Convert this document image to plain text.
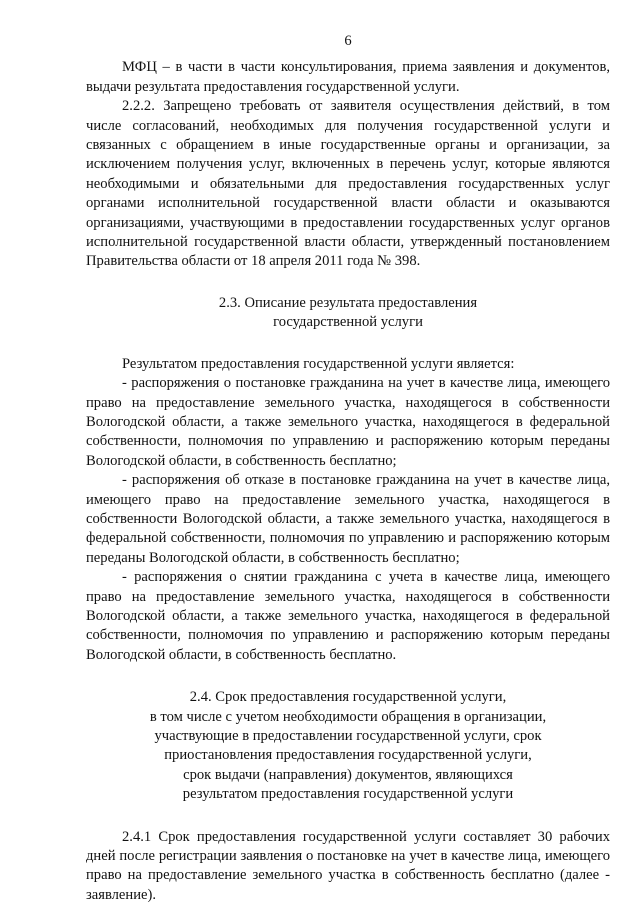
6

МФЦ – в части в части консультирования, приема заявления и документов, выдачи результата предоставления государственной услуги.

2.2.2. Запрещено требовать от заявителя осуществления действий, в том числе согласований, необходимых для получения государственной услуги и связанных с обращением в иные государственные органы и организации, за исключением получения услуг, включенных в перечень услуг, которые являются необходимыми и обязательными для предоставления государственных услуг органами исполнительной государственной власти области и оказываются организациями, участвующими в предоставлении государственных услуг органов исполнительной государственной власти области, утвержденный постановлением Правительства области от 18 апреля 2011 года № 398.

2.3. Описание результата предоставления
государственной услуги

Результатом предоставления государственной услуги является:

- распоряжения о постановке гражданина на учет в качестве лица, имеющего право на предоставление земельного участка, находящегося в собственности Вологодской области, а также земельного участка, находящегося в федеральной собственности, полномочия по управлению и распоряжению которым переданы Вологодской области, в собственность бесплатно;

- распоряжения об отказе в постановке гражданина на учет в качестве лица, имеющего право на предоставление земельного участка, находящегося в собственности Вологодской области, а также земельного участка, находящегося в федеральной собственности, полномочия по управлению и распоряжению которым переданы Вологодской области, в собственность бесплатно;

- распоряжения о снятии гражданина с учета в качестве лица, имеющего право на предоставление земельного участка, находящегося в собственности Вологодской области, а также земельного участка, находящегося в федеральной собственности, полномочия по управлению и распоряжению которым переданы Вологодской области, в собственность бесплатно.

2.4. Срок предоставления государственной услуги,
в том числе с учетом необходимости обращения в организации,
участвующие в предоставлении государственной услуги, срок
приостановления предоставления государственной услуги,
срок выдачи (направления) документов, являющихся
результатом предоставления государственной услуги

2.4.1 Срок предоставления государственной услуги составляет 30 рабочих дней после регистрации заявления о постановке на учет в качестве лица, имеющего право на предоставление земельного участка в собственность бесплатно (далее - заявление).
